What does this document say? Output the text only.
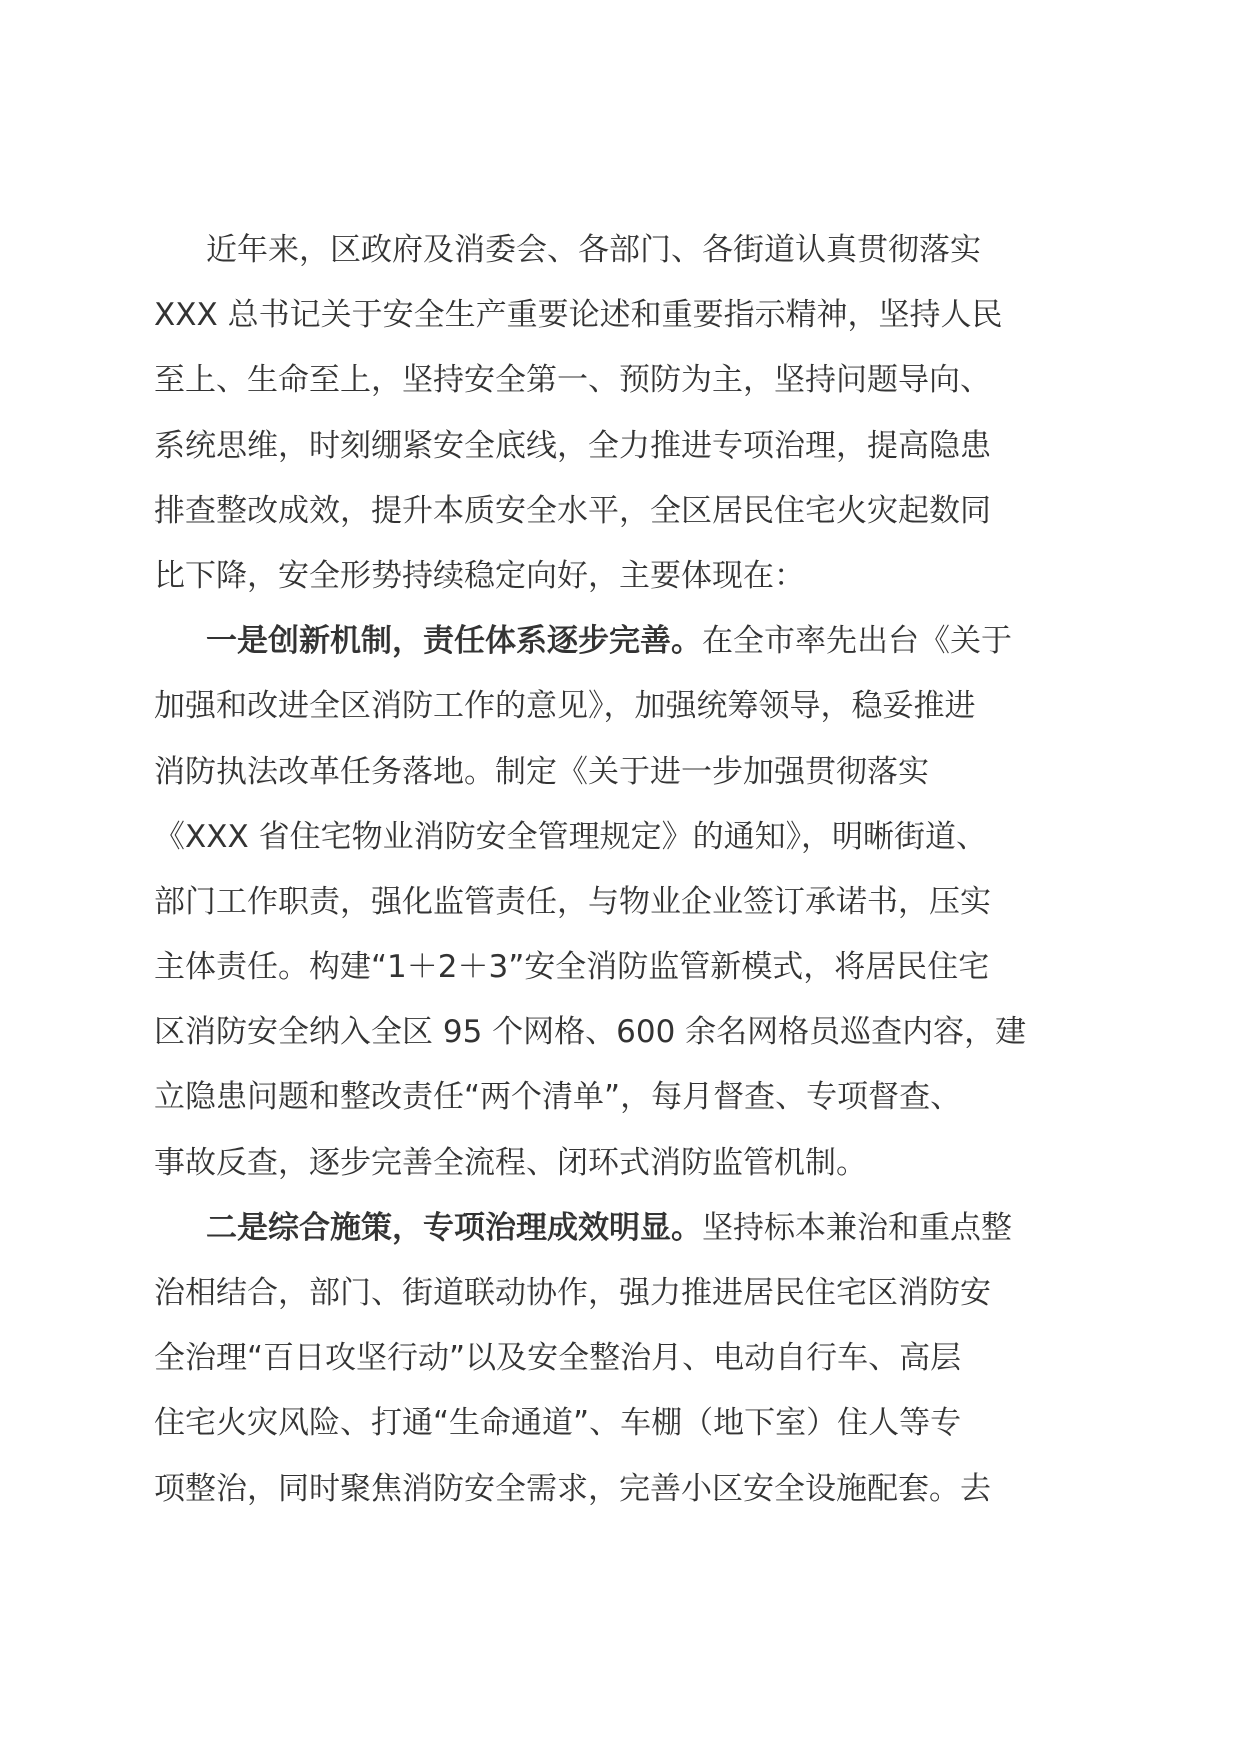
近年来，区政府及消委会、各部门、各街道认真贯彻落实
XXX 总书记关于安全生产重要论述和重要指示精神，坚持人民
至上、生命至上，坚持安全第一、预防为主，坚持问题导向、
系统思维，时刻绷紧安全底线，全力推进专项治理，提高隐患
排查整改成效，提升本质安全水平，全区居民住宅火灾起数同
比下降，安全形势持续稳定向好，主要体现在：
一是创新机制，责任体系逐步完善。在全市率先出台《关于
加强和改进全区消防工作的意见》，加强统筹领导，稳妥推进
消防执法改革任务落地。制定《关于进一步加强贯彻落实
《XXX 省住宅物业消防安全管理规定》的通知》，明晰街道、
部门工作职责，强化监管责任，与物业企业签订承诺书，压实
主体责任。构建“1＋2＋3”安全消防监管新模式，将居民住宅
区消防安全纳入全区 95 个网格、600 余名网格员巡查内容，建
立隐患问题和整改责任“两个清单”，每月督查、专项督查、
事故反查，逐步完善全流程、闭环式消防监管机制。
二是综合施策，专项治理成效明显。坚持标本兼治和重点整
治相结合，部门、街道联动协作，强力推进居民住宅区消防安
全治理“百日攻坚行动”以及安全整治月、电动自行车、高层
住宅火灾风险、打通“生命通道”、车棚（地下室）住人等专
项整治，同时聚焦消防安全需求，完善小区安全设施配套。去
